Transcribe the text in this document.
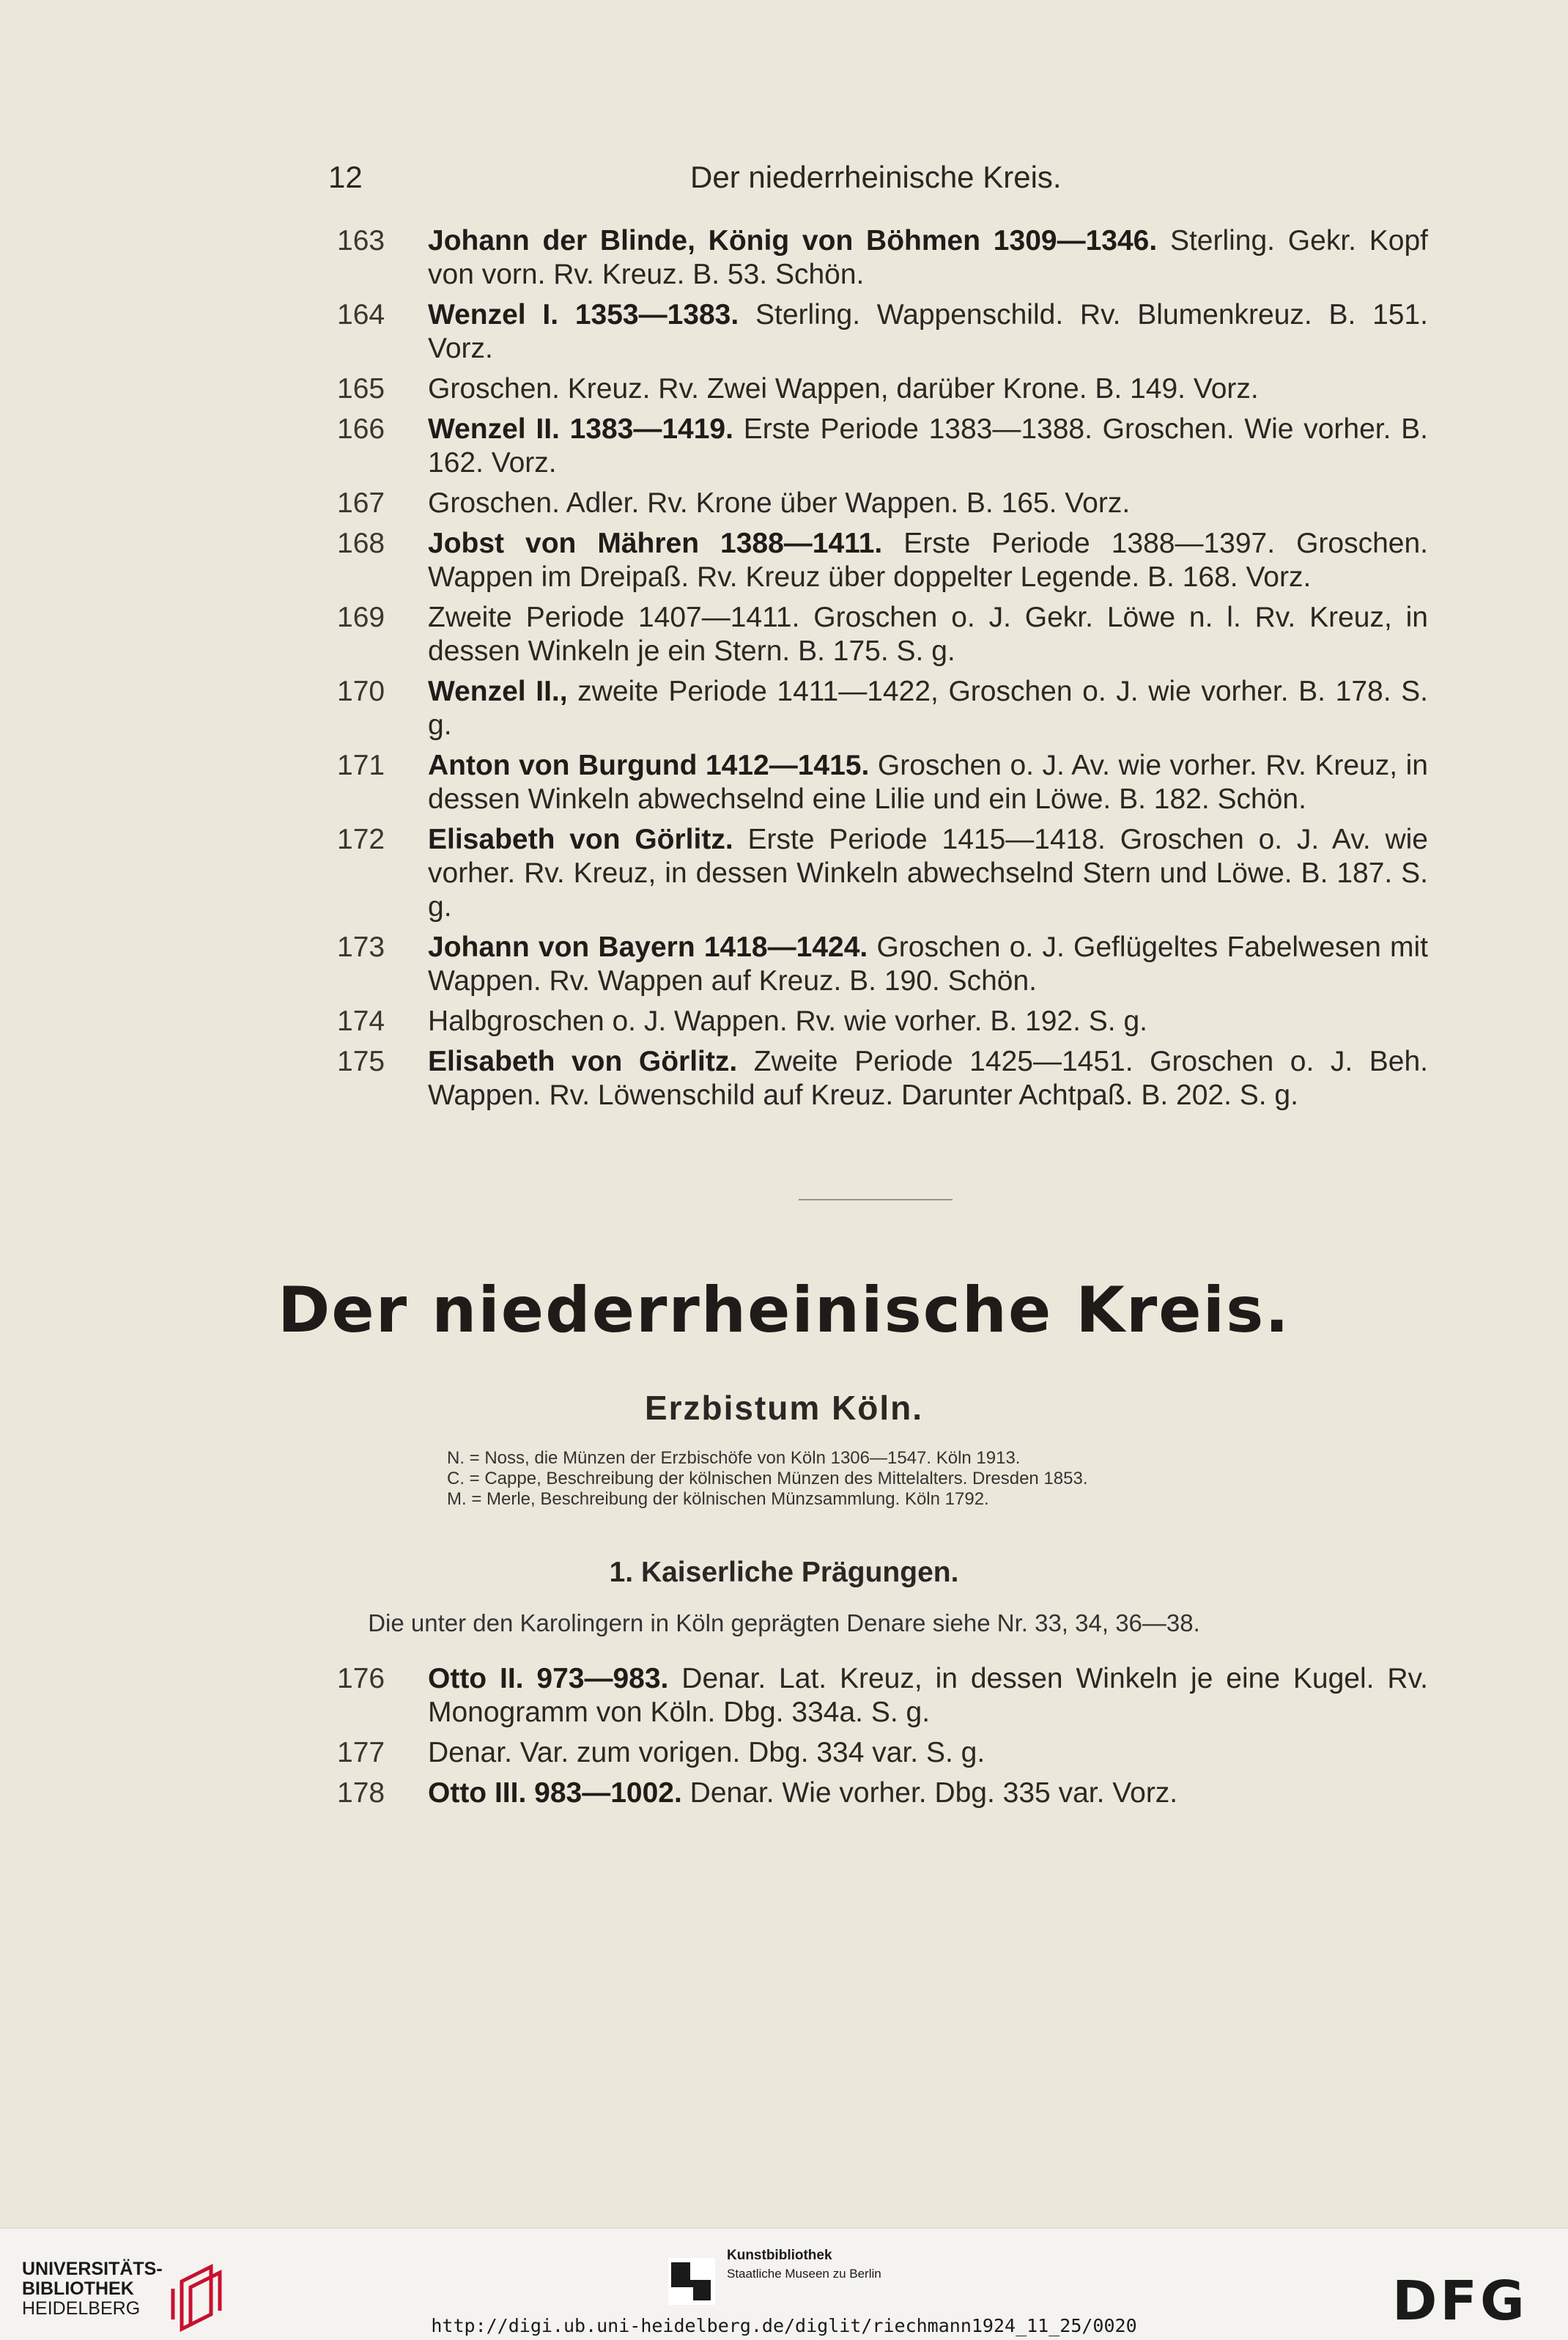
12	Der niederrheinische Kreis.
163	Johann der Blinde, König von Böhmen 1309—1346. Sterling. Gekr. Kopf von vorn. Rv. Kreuz. B. 53. Schön.
164	Wenzel I. 1353—1383. Sterling. Wappenschild. Rv. Blumenkreuz. B. 151. Vorz.
165	Groschen. Kreuz. Rv. Zwei Wappen, darüber Krone. B. 149. Vorz.
166	Wenzel II. 1383—1419. Erste Periode 1383—1388. Groschen. Wie vorher. B. 162. Vorz.
167	Groschen. Adler. Rv. Krone über Wappen. B. 165. Vorz.
168	Jobst von Mähren 1388—1411. Erste Periode 1388—1397. Groschen. Wappen im Dreipaß. Rv. Kreuz über doppelter Legende. B. 168. Vorz.
169	Zweite Periode 1407—1411. Groschen o. J. Gekr. Löwe n. l. Rv. Kreuz, in dessen Winkeln je ein Stern. B. 175. S. g.
170	Wenzel II., zweite Periode 1411—1422, Groschen o. J. wie vorher. B. 178. S. g.
171	Anton von Burgund 1412—1415. Groschen o. J. Av. wie vorher. Rv. Kreuz, in dessen Winkeln abwechselnd eine Lilie und ein Löwe. B. 182. Schön.
172	Elisabeth von Görlitz. Erste Periode 1415—1418. Groschen o. J. Av. wie vorher. Rv. Kreuz, in dessen Winkeln abwechselnd Stern und Löwe. B. 187. S. g.
173	Johann von Bayern 1418—1424. Groschen o. J. Geflügeltes Fabelwesen mit Wappen. Rv. Wappen auf Kreuz. B. 190. Schön.
174	Halbgroschen o. J. Wappen. Rv. wie vorher. B. 192. S. g.
175	Elisabeth von Görlitz. Zweite Periode 1425—1451. Groschen o. J. Beh. Wappen. Rv. Löwenschild auf Kreuz. Darunter Achtpaß. B. 202. S. g.
Der niederrheinische Kreis.
Erzbistum Köln.
N. = Noss, die Münzen der Erzbischöfe von Köln 1306—1547. Köln 1913.
C. = Cappe, Beschreibung der kölnischen Münzen des Mittelalters. Dresden 1853.
M. = Merle, Beschreibung der kölnischen Münzsammlung. Köln 1792.
1. Kaiserliche Prägungen.
Die unter den Karolingern in Köln geprägten Denare siehe Nr. 33, 34, 36—38.
176	Otto II. 973—983. Denar. Lat. Kreuz, in dessen Winkeln je eine Kugel. Rv. Monogramm von Köln. Dbg. 334a. S. g.
177	Denar. Var. zum vorigen. Dbg. 334 var. S. g.
178	Otto III. 983—1002. Denar. Wie vorher. Dbg. 335 var. Vorz.
UNIVERSITÄTS-
BIBLIOTHEK
HEIDELBERG
Kunstbibliothek
Staatliche Museen zu Berlin	DFG
http://digi.ub.uni-heidelberg.de/diglit/riechmann1924_11_25/0020
